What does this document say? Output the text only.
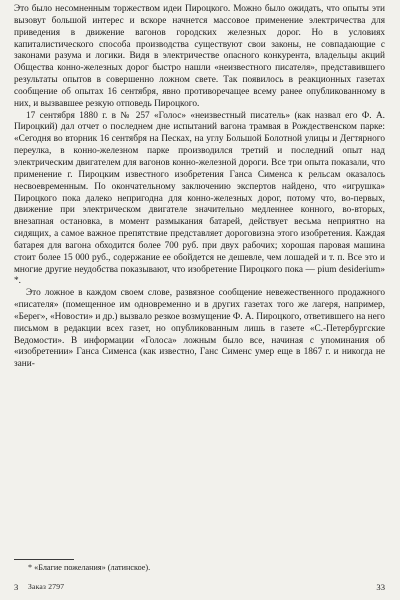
Это было несомненным торжеством идеи Пироцкого. Можно было ожидать, что опыты эти вызовут большой интерес и вскоре начнется массовое применение электричества для приведения в движение вагонов городских железных дорог. Но в условиях капиталистического способа производства существуют свои законы, не совпадающие с законами разума и логики. Видя в электричестве опасного конкурента, владельцы акций Общества конно-железных дорог быстро нашли «неизвестного писателя», представившего результаты опытов в совершенно ложном свете. Так появилось в реакционных газетах сообщение об опытах 16 сентября, явно противоречащее всему ранее опубликованному в них, и вызвавшее резкую отповедь Пироцкого.

17 сентября 1880 г. в № 257 «Голос» «неизвестный писатель» (как назвал его Ф. А. Пироцкий) дал отчет о последнем дне испытаний вагона трамвая в Рождественском парке: «Сегодня во вторник 16 сентября на Песках, на углу Большой Болотной улицы и Дегтярного переулка, в конно-железном парке производился третий и последний опыт над электрическим двигателем для вагонов конно-железной дороги. Все три опыта показали, что применение г. Пироцким известного изобретения Ганса Сименса к рельсам оказалось несвоевременным. По окончательному заключению экспертов найдено, что «игрушка» Пироцкого пока далеко непригодна для конно-железных дорог, потому что, во-первых, движение при электрическом двигателе значительно медленнее конного, во-вторых, внезапная остановка, в момент размыкания батарей, действует весьма неприятно на сидящих, а самое важное препятствие представляет дороговизна этого изобретения. Каждая батарея для вагона обходится более 700 руб. при двух рабочих; хорошая паровая машина стоит более 15 000 руб., содержание ее обойдется не дешевле, чем лошадей и т. п. Все это и многие другие неудобства показывают, что изобретение Пироцкого пока — pium desiderium» *.

Это ложное в каждом своем слове, развязное сообщение невежественного продажного «писателя» (помещенное им одновременно и в других газетах того же лагеря, например, «Берег», «Новости» и др.) вызвало резкое возмущение Ф. А. Пироцкого, ответившего на него письмом в редакции всех газет, но опубликованным лишь в газете «С.-Петербургские Ведомости». В информации «Голоса» ложным было все, начиная с упоминания об «изобретении» Ганса Сименса (как известно, Ганс Сименс умер еще в 1867 г. и никогда не зани-

* «Благие пожелания» (латинское).
3 Заказ 2797	33
